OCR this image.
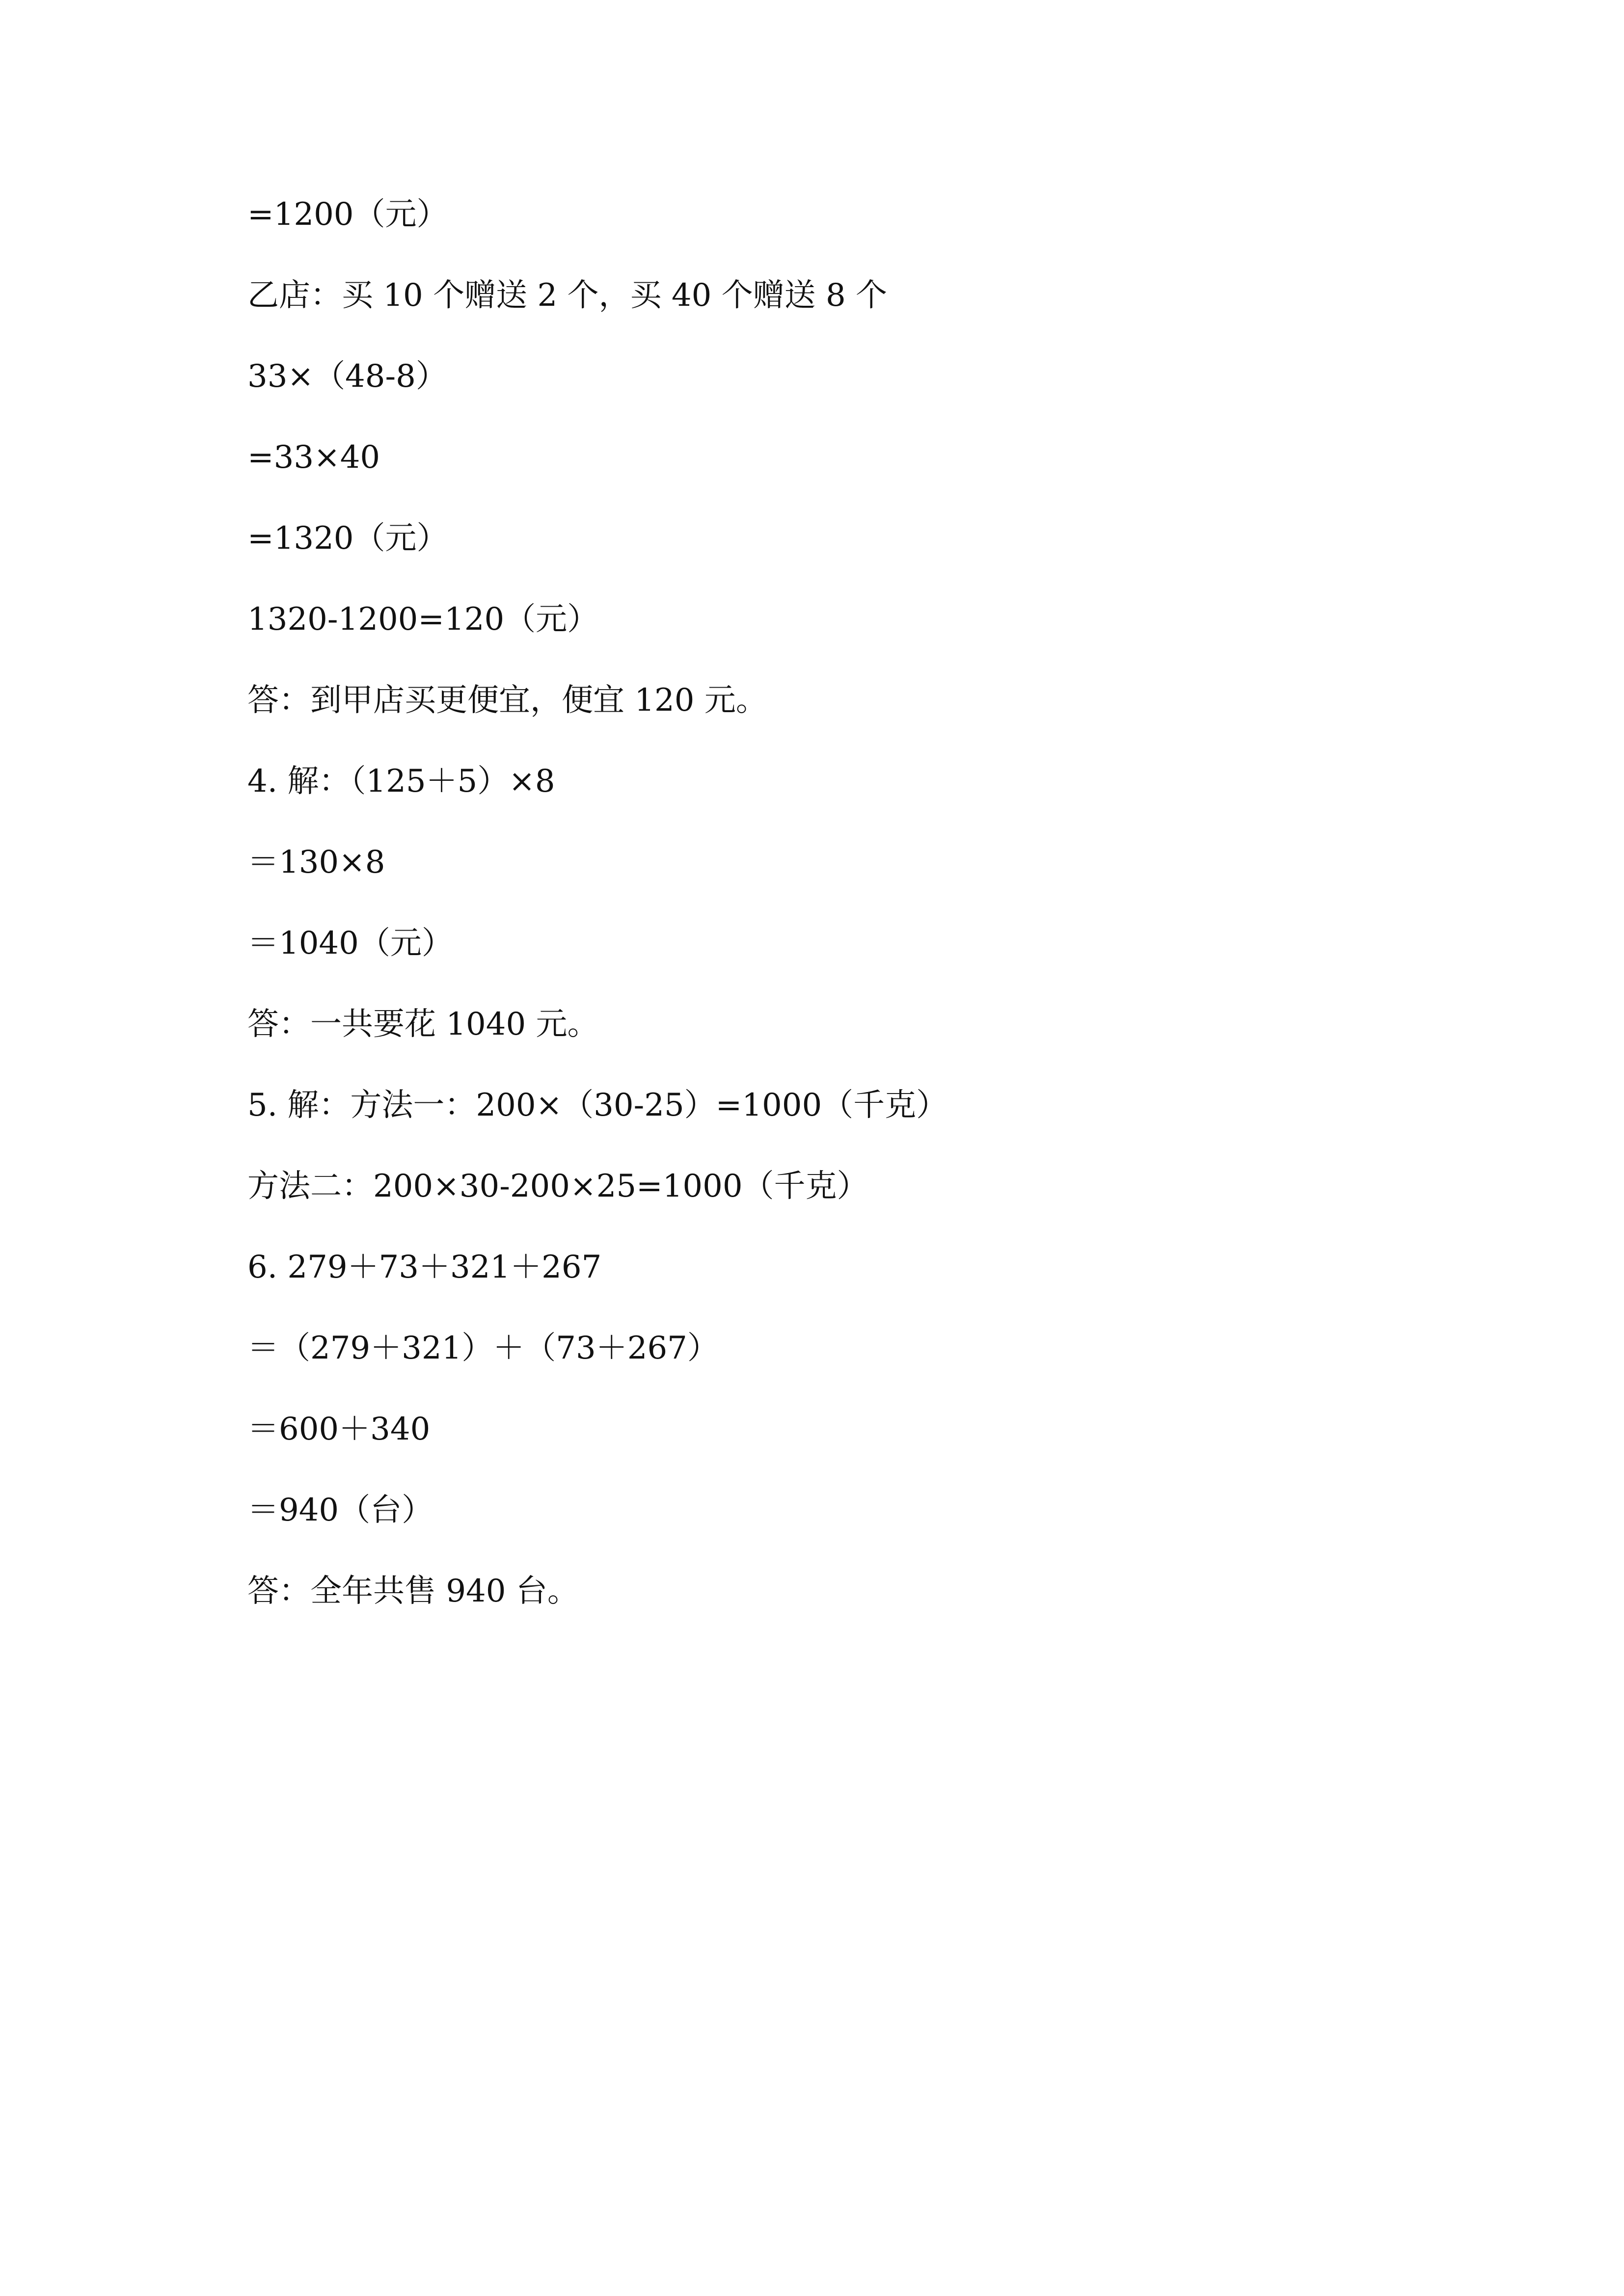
=1200（元）
乙店：买 10 个赠送 2 个，买 40 个赠送 8 个
33×（48-8）
=33×40
=1320（元）
1320-1200=120（元）
答：到甲店买更便宜，便宜 120 元。
4. 解：（125＋5）×8
＝130×8
＝1040（元）
答：一共要花 1040 元。
5. 解：方法一：200×（30-25）=1000（千克）
方法二：200×30-200×25=1000（千克）
6. 279＋73＋321＋267
＝（279＋321）＋（73＋267）
＝600＋340
＝940（台）
答：全年共售 940 台。
